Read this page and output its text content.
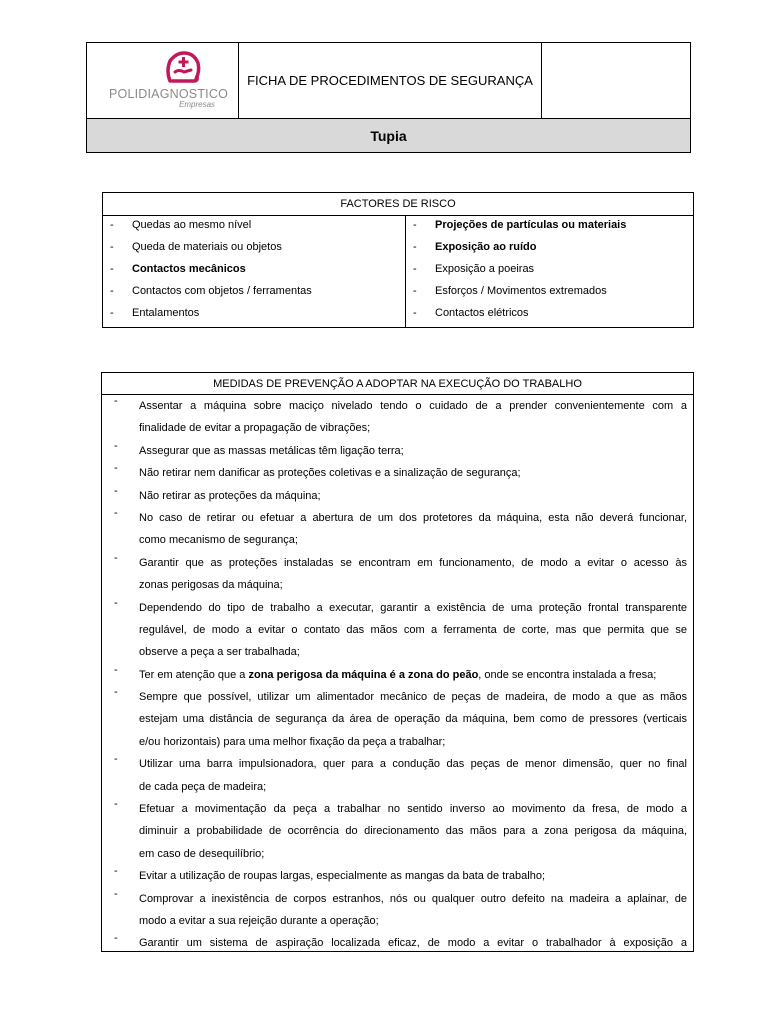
POLIDIAGNOSTICO
Empresas
FICHA DE PROCEDIMENTOS DE SEGURANÇA
Tupia
FACTORES DE RISCO
- Quedas ao mesmo nível
- Queda de materiais ou objetos
- Contactos mecânicos
- Contactos com objetos / ferramentas
- Entalamentos
- Projeções de partículas ou materiais
- Exposição ao ruído
- Exposição a poeiras
- Esforços / Movimentos extremados
- Contactos elétricos
MEDIDAS DE PREVENÇÃO A ADOPTAR NA EXECUÇÃO DO TRABALHO
- Assentar a máquina sobre maciço nivelado tendo o cuidado de a prender convenientemente com a
finalidade de evitar a propagação de vibrações;
- Assegurar que as massas metálicas têm ligação terra;
- Não retirar nem danificar as proteções coletivas e a sinalização de segurança;
- Não retirar as proteções da máquina;
- No caso de retirar ou efetuar a abertura de um dos protetores da máquina, esta não deverá funcionar,
como mecanismo de segurança;
- Garantir que as proteções instaladas se encontram em funcionamento, de modo a evitar o acesso às
zonas perigosas da máquina;
- Dependendo do tipo de trabalho a executar, garantir a existência de uma proteção frontal transparente
regulável, de modo a evitar o contato das mãos com a ferramenta de corte, mas que permita que se
observe a peça a ser trabalhada;
- Ter em atenção que a zona perigosa da máquina é a zona do peão, onde se encontra instalada a fresa;
- Sempre que possível, utilizar um alimentador mecânico de peças de madeira, de modo a que as mãos
estejam uma distância de segurança da área de operação da máquina, bem como de pressores (verticais
e/ou horizontais) para uma melhor fixação da peça a trabalhar;
- Utilizar uma barra impulsionadora, quer para a condução das peças de menor dimensão, quer no final
de cada peça de madeira;
- Efetuar a movimentação da peça a trabalhar no sentido inverso ao movimento da fresa, de modo a
diminuir a probabilidade de ocorrência do direcionamento das mãos para a zona perigosa da máquina,
em caso de desequilíbrio;
- Evitar a utilização de roupas largas, especialmente as mangas da bata de trabalho;
- Comprovar a inexistência de corpos estranhos, nós ou qualquer outro defeito na madeira a aplainar, de
modo a evitar a sua rejeição durante a operação;
- Garantir um sistema de aspiração localizada eficaz, de modo a evitar o trabalhador à exposição a
